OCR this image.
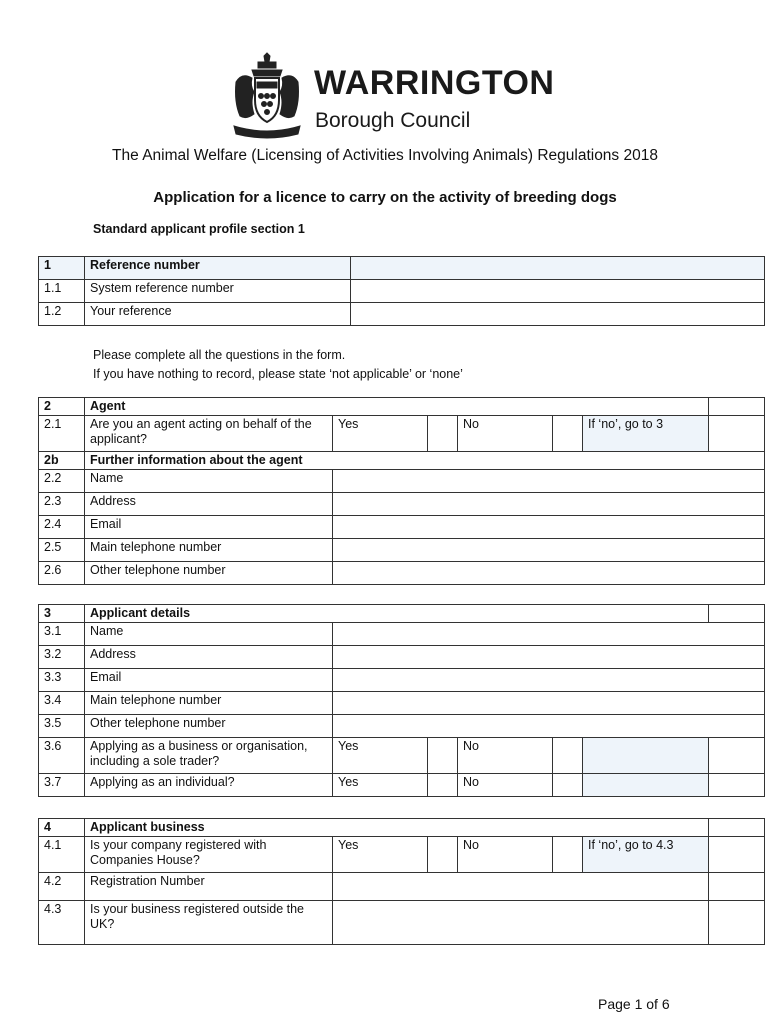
WARRINGTON
Borough Council
The Animal Welfare (Licensing of Activities Involving Animals) Regulations 2018
Application for a licence to carry on the activity of breeding dogs
Standard applicant profile section 1
1	Reference number	
1.1	System reference number	
1.2	Your reference	
Please complete all the questions in the form.
If you have nothing to record, please state ‘not applicable’ or ‘none’
2	Agent						
2.1	Are you an agent acting on behalf of the applicant?	Yes		No		If ‘no’, go to 3	
2b	Further information about the agent						
2.2	Name						
2.3	Address						
2.4	Email						
2.5	Main telephone number						
2.6	Other telephone number						
3	Applicant details						
3.1	Name						
3.2	Address						
3.3	Email						
3.4	Main telephone number						
3.5	Other telephone number						
3.6	Applying as a business or organisation, including a sole trader?	Yes		No			
3.7	Applying as an individual?	Yes		No			
4	Applicant business						
4.1	Is your company registered with Companies House?	Yes		No		If ‘no’, go to 4.3	
4.2	Registration Number						
4.3	Is your business registered outside the UK?						
Page 1 of 6
